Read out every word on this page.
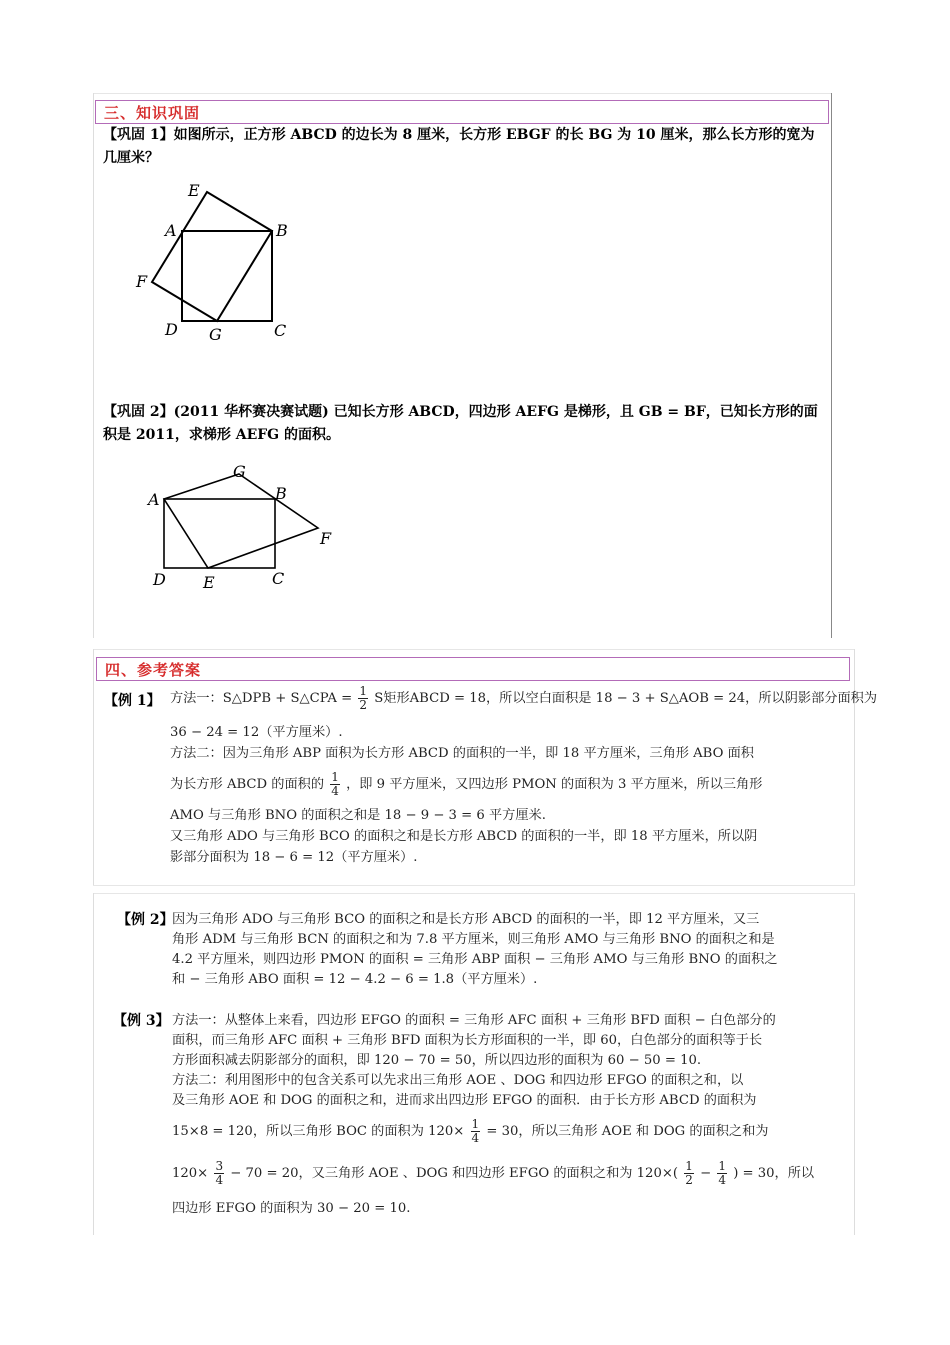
三、知识巩固
【巩固 1】如图所示，正方形 ABCD 的边长为 8 厘米，长方形 EBGF 的长 BG 为 10 厘米，那么长方形的宽为
几厘米？
E
A	B
F
D G	C
【巩固 2】(2011 华杯赛决赛试题) 已知长方形 ABCD，四边形 AEFG 是梯形，且 GB = BF，已知长方形的面
积是 2011，求梯形 AEFG 的面积。
G
A	B
F
D E	C
四、参考答案
【例 1】 方法一：S△DPB + S△CPA = $\frac{1}{2}$ S矩形ABCD = 18，所以空白面积是 18 − 3 + S△AOB = 24，所以阴影部分面积为
36 − 24 = 12（平方厘米）.
方法二：因为三角形 ABP 面积为长方形 ABCD 的面积的一半，即 18 平方厘米，三角形 ABO 面积
为长方形 ABCD 的面积的 $\frac{1}{4}$ ，即 9 平方厘米，又四边形 PMON 的面积为 3 平方厘米，所以三角形
AMO 与三角形 BNO 的面积之和是 18 − 9 − 3 = 6 平方厘米.
又三角形 ADO 与三角形 BCO 的面积之和是长方形 ABCD 的面积的一半，即 18 平方厘米，所以阴
影部分面积为 18 − 6 = 12（平方厘米）.
【例 2】
因为三角形 ADO 与三角形 BCO 的面积之和是长方形 ABCD 的面积的一半，即 12 平方厘米，又三
角形 ADM 与三角形 BCN 的面积之和为 7.8 平方厘米，则三角形 AMO 与三角形 BNO 的面积之和是
4.2 平方厘米，则四边形 PMON 的面积 = 三角形 ABP 面积 − 三角形 AMO 与三角形 BNO 的面积之
和 − 三角形 ABO 面积 = 12 − 4.2 − 6 = 1.8（平方厘米）.
【例 3】 方法一：从整体上来看，四边形 EFGO 的面积 = 三角形 AFC 面积 + 三角形 BFD 面积 − 白色部分的
面积，而三角形 AFC 面积 + 三角形 BFD 面积为长方形面积的一半，即 60，白色部分的面积等于长
方形面积减去阴影部分的面积，即 120 − 70 = 50，所以四边形的面积为 60 − 50 = 10.
方法二：利用图形中的包含关系可以先求出三角形 AOE 、DOG 和四边形 EFGO 的面积之和，以
及三角形 AOE 和 DOG 的面积之和，进而求出四边形 EFGO 的面积．由于长方形 ABCD 的面积为
15×8 = 120，所以三角形 BOC 的面积为 $120\times \frac{1}{4} = 30$，所以三角形 AOE 和 DOG 的面积之和为
$120\times \frac{3}{4} - 70 = 20$，又三角形 AOE 、DOG 和四边形 EFGO 的面积之和为 $120\times( \frac{1}{2} - \frac{1}{4}$ ) = 30，所以
四边形 EFGO 的面积为 30 − 20 = 10.
